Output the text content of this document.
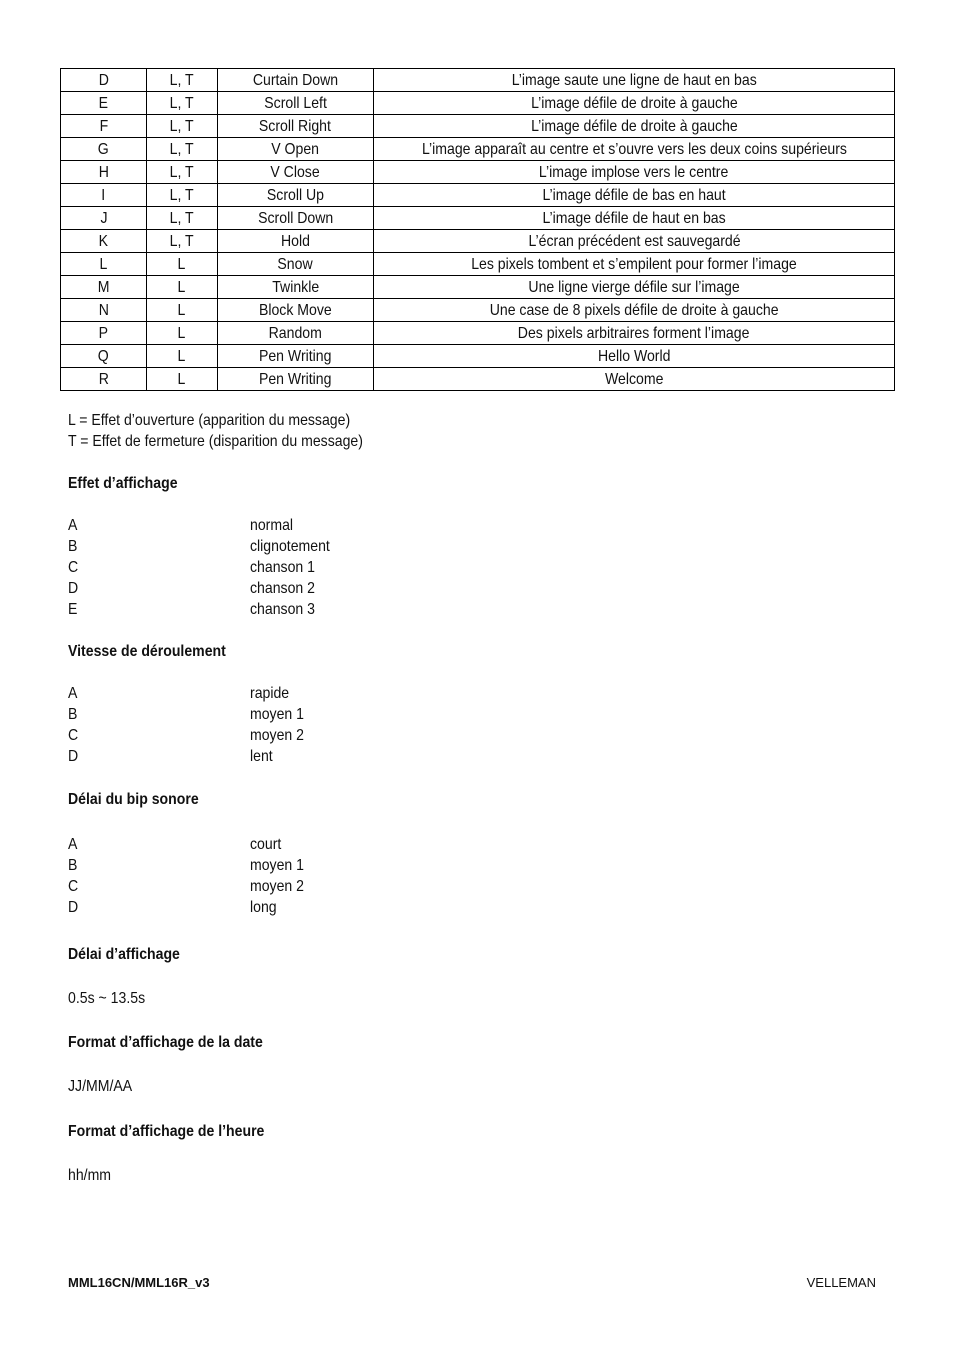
D	L, T	Curtain Down	L’image saute une ligne de haut en bas
E	L, T	Scroll Left	L’image défile de droite à gauche
F	L, T	Scroll Right	L’image défile de droite à gauche
G	L, T	V Open	L’image apparaît au centre et s’ouvre vers les deux coins supérieurs
H	L, T	V Close	L’image implose vers le centre
I	L, T	Scroll Up	L’image défile de bas en haut
J	L, T	Scroll Down	L’image défile de haut en bas
K	L, T	Hold	L’écran précédent est sauvegardé
L	L	Snow	Les pixels tombent et s’empilent pour former l’image
M	L	Twinkle	Une ligne vierge défile sur l’image
N	L	Block Move	Une case de 8 pixels défile de droite à gauche
P	L	Random	Des pixels arbitraires forment l’image
Q	L	Pen Writing	Hello World
R	L	Pen Writing	Welcome
L = Effet d’ouverture (apparition du message)
T = Effet de fermeture (disparition du message)
Effet d’affichage
A	normal
B	clignotement
C	chanson 1
D	chanson 2
E	chanson 3
Vitesse de déroulement
A	rapide
B	moyen 1
C	moyen 2
D	lent
Délai du bip sonore
A	court
B	moyen 1
C	moyen 2
D	long
Délai d’affichage
0.5s ~ 13.5s
Format d’affichage de la date
JJ/MM/AA
Format d’affichage de l’heure
hh/mm
MML16CN/MML16R_v3	VELLEMAN
